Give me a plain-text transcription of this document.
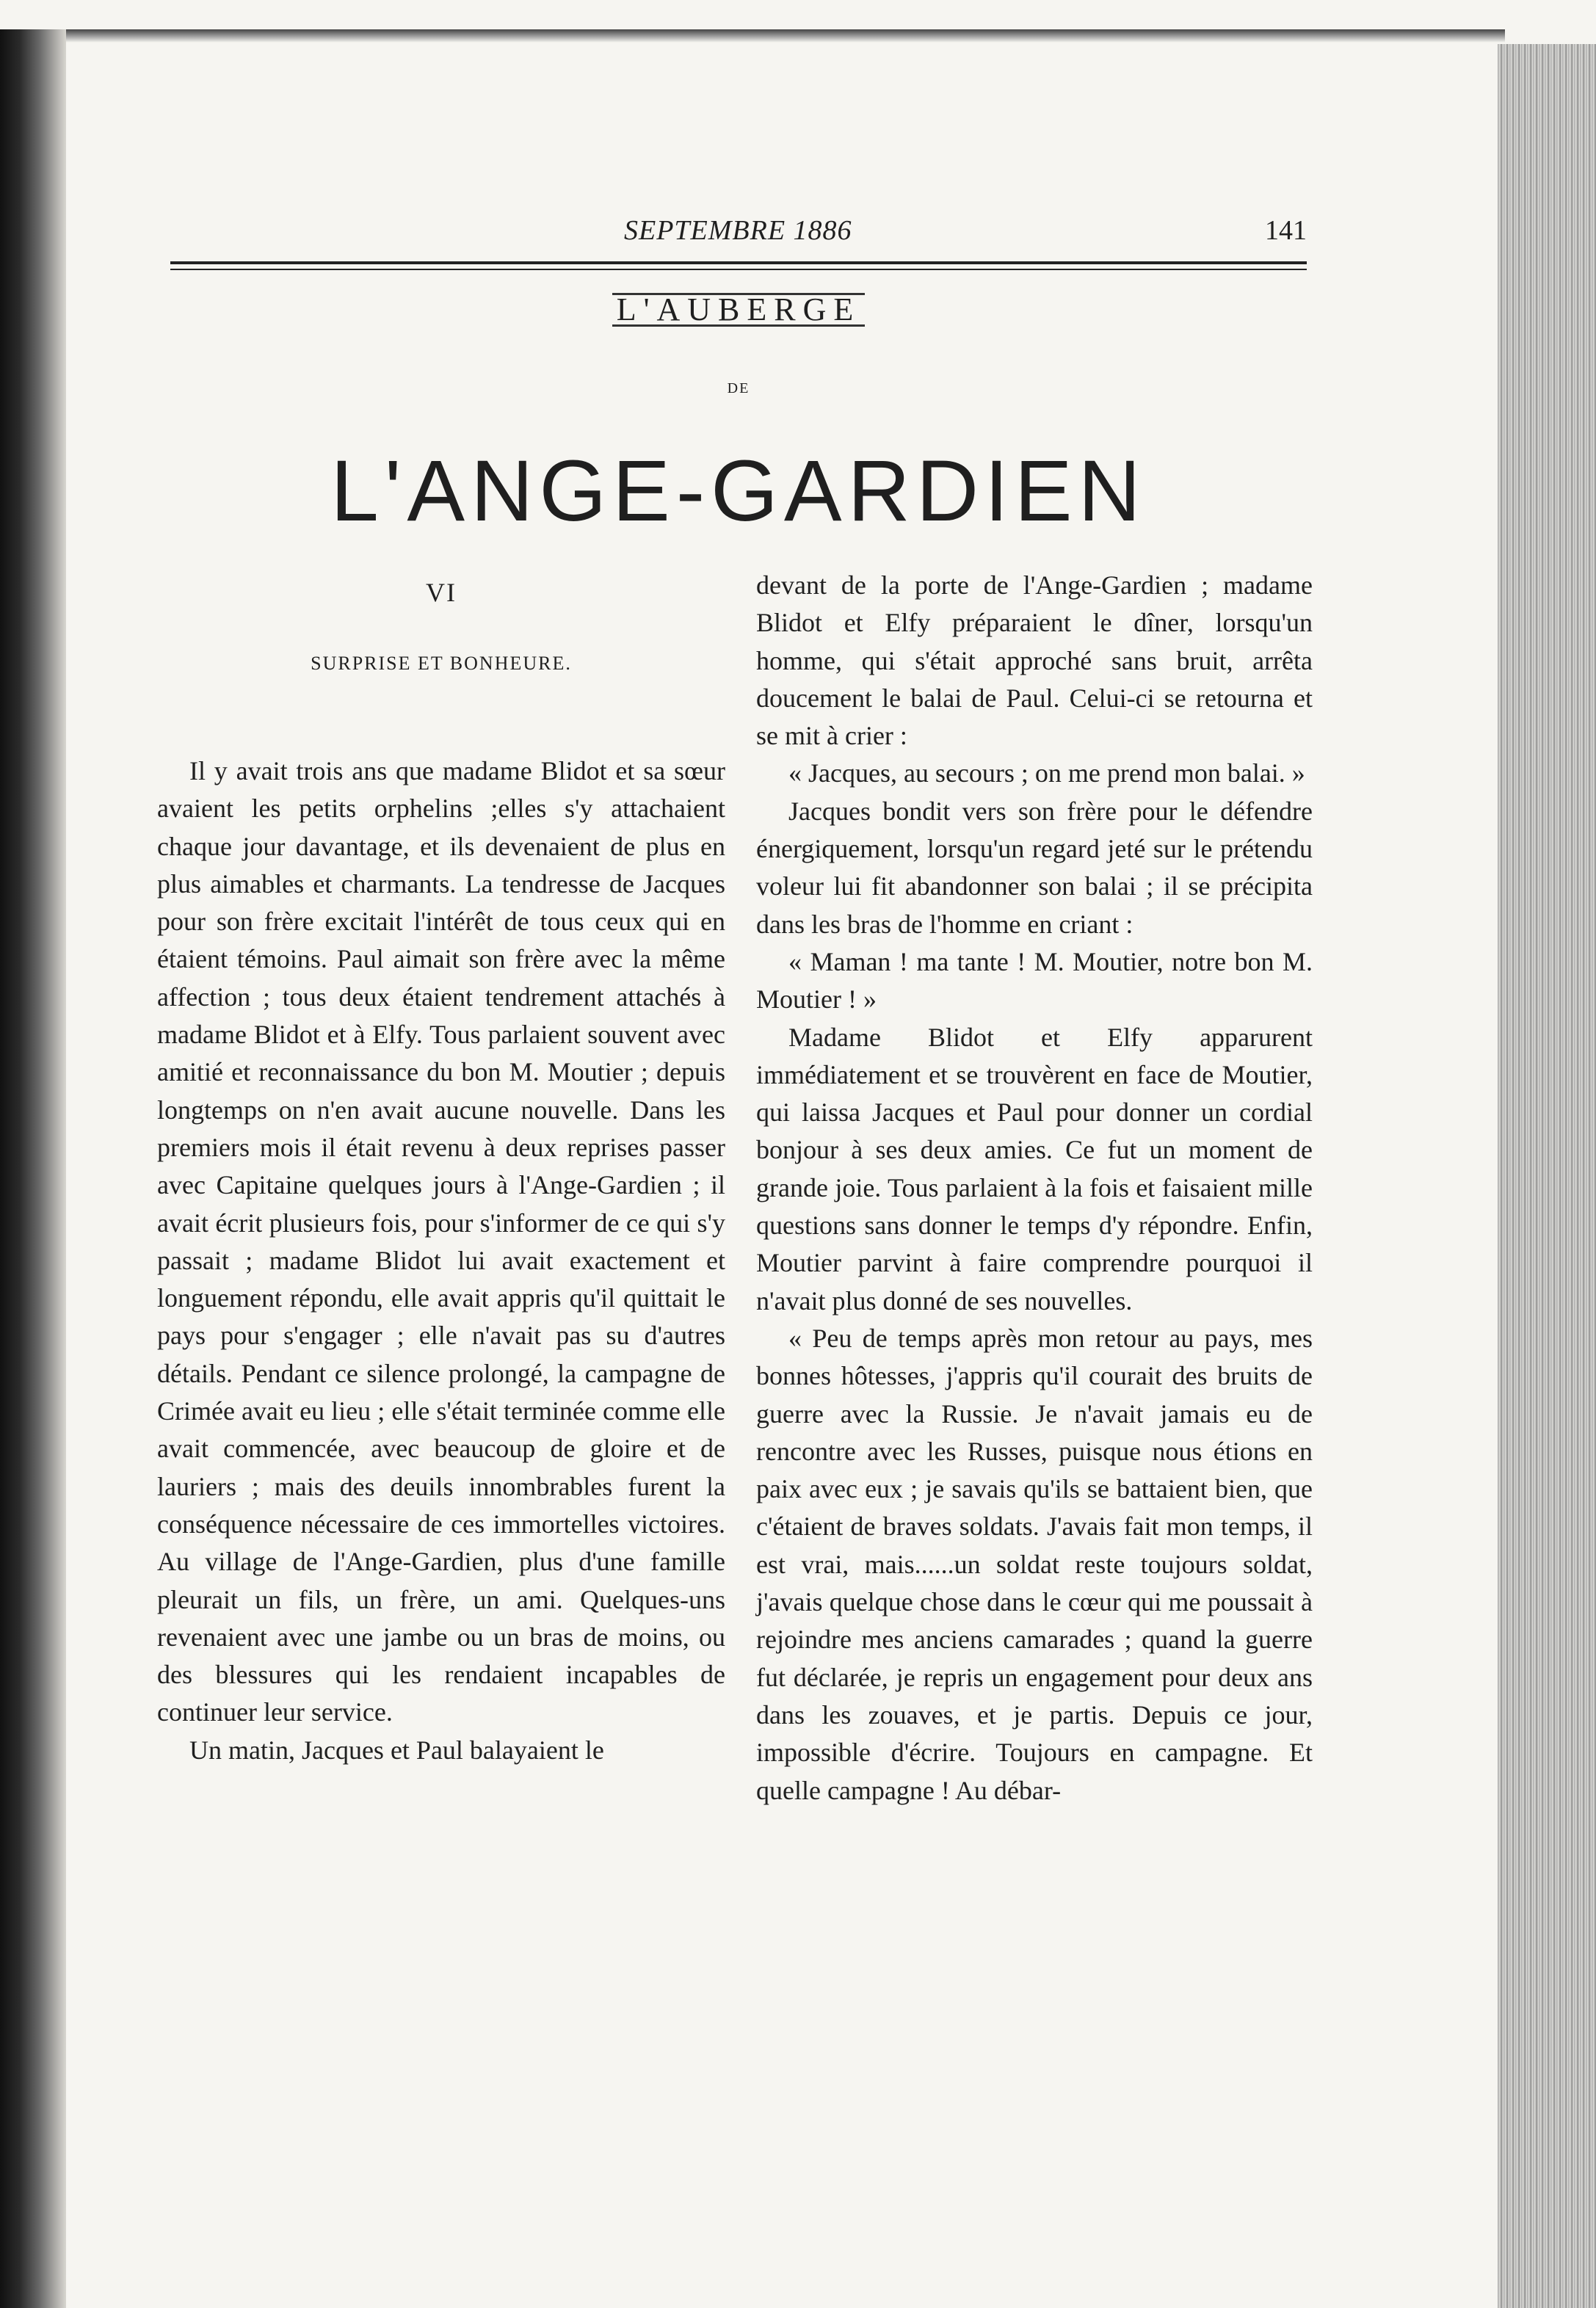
SEPTEMBRE 1886	141
L'AUBERGE
DE
L'ANGE-GARDIEN
VI
SURPRISE ET BONHEURE.

Il y avait trois ans que madame Blidot et sa sœur avaient les petits orphelins ;elles s'y attachaient chaque jour davantage, et ils devenaient de plus en plus aimables et charmants. La tendresse de Jacques pour son frère excitait l'intérêt de tous ceux qui en étaient témoins. Paul aimait son frère avec la même affection ; tous deux étaient tendrement attachés à madame Blidot et à Elfy. Tous parlaient souvent avec amitié et reconnaissance du bon M. Moutier ; depuis longtemps on n'en avait aucune nouvelle. Dans les premiers mois il était revenu à deux reprises passer avec Capitaine quelques jours à l'Ange-Gardien ; il avait écrit plusieurs fois, pour s'informer de ce qui s'y passait ; madame Blidot lui avait exactement et longuement répondu, elle avait appris qu'il quittait le pays pour s'engager ; elle n'avait pas su d'autres détails. Pendant ce silence prolongé, la campagne de Crimée avait eu lieu ; elle s'était terminée comme elle avait commencée, avec beaucoup de gloire et de lauriers ; mais des deuils innombrables furent la conséquence nécessaire de ces immortelles victoires. Au village de l'Ange-Gardien, plus d'une famille pleurait un fils, un frère, un ami. Quelques-uns revenaient avec une jambe ou un bras de moins, ou des blessures qui les rendaient incapables de continuer leur service.

Un matin, Jacques et Paul balayaient le

devant de la porte de l'Ange-Gardien ; madame Blidot et Elfy préparaient le dîner, lorsqu'un homme, qui s'était approché sans bruit, arrêta doucement le balai de Paul. Celui-ci se retourna et se mit à crier :

« Jacques, au secours ; on me prend mon balai. »

Jacques bondit vers son frère pour le défendre énergiquement, lorsqu'un regard jeté sur le prétendu voleur lui fit abandonner son balai ; il se précipita dans les bras de l'homme en criant :

« Maman ! ma tante ! M. Moutier, notre bon M. Moutier ! »

Madame Blidot et Elfy apparurent immédiatement et se trouvèrent en face de Moutier, qui laissa Jacques et Paul pour donner un cordial bonjour à ses deux amies. Ce fut un moment de grande joie. Tous parlaient à la fois et faisaient mille questions sans donner le temps d'y répondre. Enfin, Moutier parvint à faire comprendre pourquoi il n'avait plus donné de ses nouvelles.

« Peu de temps après mon retour au pays, mes bonnes hôtesses, j'appris qu'il courait des bruits de guerre avec la Russie. Je n'avait jamais eu de rencontre avec les Russes, puisque nous étions en paix avec eux ; je savais qu'ils se battaient bien, que c'étaient de braves soldats. J'avais fait mon temps, il est vrai, mais......un soldat reste toujours soldat, j'avais quelque chose dans le cœur qui me poussait à rejoindre mes anciens camarades ; quand la guerre fut déclarée, je repris un engagement pour deux ans dans les zouaves, et je partis. Depuis ce jour, impossible d'écrire. Toujours en campagne. Et quelle campagne ! Au débar-
